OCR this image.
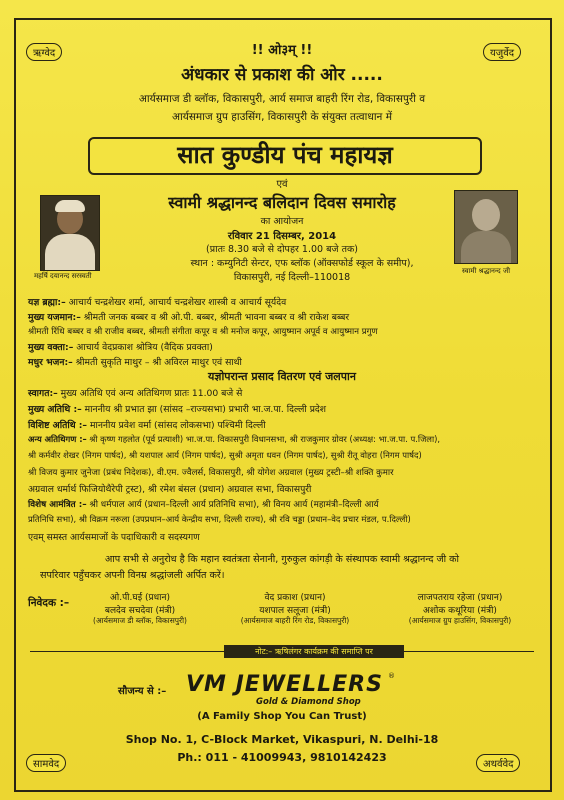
ऋग्वेद	यजुर्वेद
सामवेद	अथर्ववेद
!! ओ३म् !!
अंधकार से प्रकाश की ओर .....
आर्यसमाज डी ब्लॉक, विकासपुरी, आर्य समाज बाहरी रिंग रोड, विकासपुरी व
आर्यसमाज ग्रुप हाउसिंग, विकासपुरी के संयुक्त तत्वाधान में
सात कुण्डीय पंच महायज्ञ
एवं
स्वामी श्रद्धानन्द बलिदान दिवस समारोह
का आयोजन
रविवार 21 दिसम्बर, 2014
(प्रातः 8.30 बजे से दोपहर 1.00 बजे तक)
स्थान : कम्युनिटी सेन्टर, एफ ब्लॉक (ऑक्सफोर्ड स्कूल के समीप),
विकासपुरी, नई दिल्ली–110018
महर्षि दयानन्द सरस्वती
स्वामी श्रद्धानन्द जी
यज्ञ ब्रह्मा:– आचार्य चन्द्रशेखर शर्मा, आचार्य चन्द्रशेखर शास्त्री व आचार्य सूर्यदेव
मुख्य यजमान:– श्रीमती जनक बब्बर व श्री ओ.पी. बब्बर, श्रीमती भावना बब्बर व श्री राकेश बब्बर
श्रीमती रिंधि बब्बर व श्री राजीव बब्बर, श्रीमती संगीता कपूर व श्री मनोज कपूर, आयुष्मान अपूर्व व आयुष्मान प्रगुण
मुख्य वक्ता:– आचार्य वेदप्रकाश श्रोत्रिय (वैदिक प्रवक्ता)
मधुर भजन:– श्रीमती सुकृति माथुर – श्री अविरल माथुर एवं साथी
यज्ञोपरान्त प्रसाद वितरण एवं जलपान
स्वागत:– मुख्य अतिथि एवं अन्य अतिथिगण प्रातः 11.00 बजे से
मुख्य अतिथि :– माननीय श्री प्रभात झा (सांसद –राज्यसभा) प्रभारी भा.ज.पा. दिल्ली प्रदेश
विशिष्ट अतिथि :– माननीय प्रवेश वर्मा (सांसद लोकसभा) पश्चिमी दिल्ली
अन्य अतिथिगण :– श्री कृष्ण गहलोत (पूर्व प्रत्याशी) भा.ज.पा. विकासपुरी विधानसभा, श्री राजकुमार ग्रोवर (अध्यक्ष: भा.ज.पा. प.जिला),
श्री कर्मवीर शेखर (निगम पार्षद), श्री यशपाल आर्य (निगम पार्षद), सुश्री अमृता धवन (निगम पार्षद), सुश्री रीतू वोहरा (निगम पार्षद)
श्री विजय कुमार जुनेजा (प्रबंध निदेशक), वी.एम. ज्वैलर्स, विकासपुरी, श्री योगेश अग्रवाल (मुख्य ट्रस्टी–श्री शक्ति कुमार
अग्रवाल धर्मार्थ फिजियोथैरेपी ट्रस्ट), श्री रमेश बंसल (प्रधान) अग्रवाल सभा, विकासपुरी
विशेष आमंत्रित :– श्री धर्मपाल आर्य (प्रधान–दिल्ली आर्य प्रतिनिधि सभा), श्री विनय आर्य (महामंत्री–दिल्ली आर्य
प्रतिनिधि सभा), श्री विक्रम नरूला (उपप्रधान–आर्य केन्द्रीय सभा, दिल्ली राज्य), श्री रवि चड्डा (प्रधान–वेद प्रचार मंडल, प.दिल्ली)
एवम् समस्त आर्यसमाजों के पदाधिकारी व सदस्यगण
आप सभी से अनुरोध है कि महान स्वतंत्रता सेनानी, गुरुकुल कांगड़ी के संस्थापक स्वामी श्रद्धानन्द जी को
सपरिवार पहुँचकर अपनी विनम्र श्रद्धांजली अर्पित करें।
निवेदक :–	ओ.पी.घई (प्रधान)
बलदेव सचदेवा (मंत्री)
(आर्यसमाज डी ब्लॉक, विकासपुरी)
वेद प्रकाश (प्रधान)
यशपाल सलूजा (मंत्री)
(आर्यसमाज बाहरी रिंग रोड, विकासपुरी)
लाजपतराय रहेजा (प्रधान)
अशोक कथूरिया (मंत्री)
(आर्यसमाज ग्रुप हाउसिंग, विकासपुरी)
नोट:– ऋषिलंगर कार्यक्रम की समाप्ति पर
सौजन्य से :– VM JEWELLERS ®
Gold & Diamond Shop
(A Family Shop You Can Trust)
Shop No. 1, C-Block Market, Vikaspuri, N. Delhi-18
Ph.: 011 - 41009943, 9810142423
